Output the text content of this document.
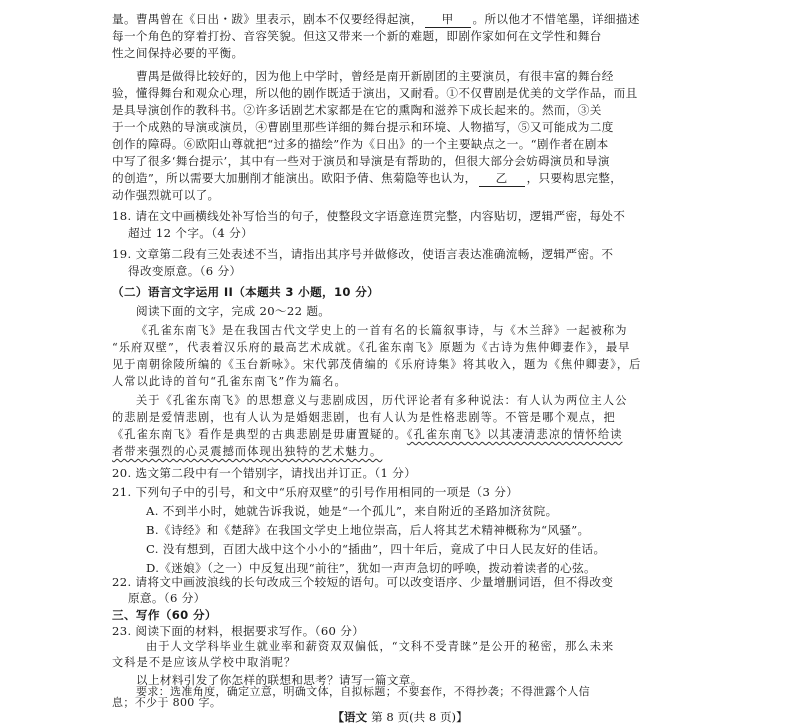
量。曹禺曾在《日出・跋》里表示，剧本不仅要经得起演， 甲 。所以他才不惜笔墨，详细描述
每一个角色的穿着打扮、音容笑貌。但这又带来一个新的难题，即剧作家如何在文学性和舞台
性之间保持必要的平衡。
曹禺是做得比较好的，因为他上中学时，曾经是南开新剧团的主要演员，有很丰富的舞台经
验，懂得舞台和观众心理，所以他的剧作既适于演出，又耐看。①不仅曹剧是优美的文学作品，而且
是具导演创作的教科书。②许多话剧艺术家都是在它的熏陶和滋养下成长起来的。然而，③关
于一个成熟的导演或演员，④曹剧里那些详细的舞台提示和环境、人物描写，⑤又可能成为二度
创作的障碍。⑥欧阳山尊就把“过多的描绘”作为《日出》的一个主要缺点之一。“剧作者在剧本
中写了很多‘舞台提示’，其中有一些对于演员和导演是有帮助的，但很大部分会妨碍演员和导演
的创造”，所以需要大加删削才能演出。欧阳予倩、焦菊隐等也认为， 乙 ，只要构思完整，
动作强烈就可以了。
18. 请在文中画横线处补写恰当的句子，使整段文字语意连贯完整，内容贴切，逻辑严密，每处不
超过 12 个字。（4 分）
19. 文章第二段有三处表述不当，请指出其序号并做修改，使语言表达准确流畅，逻辑严密。不
得改变原意。（6 分）
（二）语言文字运用 II（本题共 3 小题，10 分）
阅读下面的文字，完成 20～22 题。
《孔雀东南飞》是在我国古代文学史上的一首有名的长篇叙事诗，与《木兰辞》一起被称为
“乐府双壁”，代表着汉乐府的最高艺术成就。《孔雀东南飞》原题为《古诗为焦仲卿妻作》，最早
见于南朝徐陵所编的《玉台新咏》。宋代郭茂倩编的《乐府诗集》将其收入，题为《焦仲卿妻》，后
人常以此诗的首句“孔雀东南飞”作为篇名。
关于《孔雀东南飞》的思想意义与悲剧成因，历代评论者有多种说法：有人认为两位主人公
的悲剧是爱情悲剧，也有人认为是婚姻悲剧，也有人认为是性格悲剧等。不管是哪个观点，把
《孔雀东南飞》看作是典型的古典悲剧是毋庸置疑的。《孔雀东南飞》以其凄清悲凉的情怀给读
者带来强烈的心灵震撼而体现出独特的艺术魅力。
20. 选文第二段中有一个错别字，请找出并订正。（1 分）
21. 下列句子中的引号，和文中“乐府双壁”的引号作用相同的一项是（3 分）
A. 不到半小时，她就告诉我说，她是“一个孤儿”，来自附近的圣路加济贫院。
B.《诗经》和《楚辞》在我国文学史上地位崇高，后人将其艺术精神概称为“风骚”。
C. 没有想到，百团大战中这个小小的“插曲”，四十年后，竟成了中日人民友好的佳话。
D.《迷娘》（之一）中反复出现“前往”，犹如一声声急切的呼唤，拨动着读者的心弦。
22. 请将文中画波浪线的长句改成三个较短的语句。可以改变语序、少量增删词语，但不得改变
原意。（6 分）
三、写作（60 分）
23. 阅读下面的材料，根据要求写作。（60 分）
由于人文学科毕业生就业率和薪资双双偏低，“文科不受青睐”是公开的秘密，那么未来
文科是不是应该从学校中取消呢？
【语文 第 8 页(共 8 页)】
以上材料引发了你怎样的联想和思考？请写一篇文章。
要求：选准角度，确定立意，明确文体，自拟标题；不要套作，不得抄袭；不得泄露个人信
息；不少于 800 字。
